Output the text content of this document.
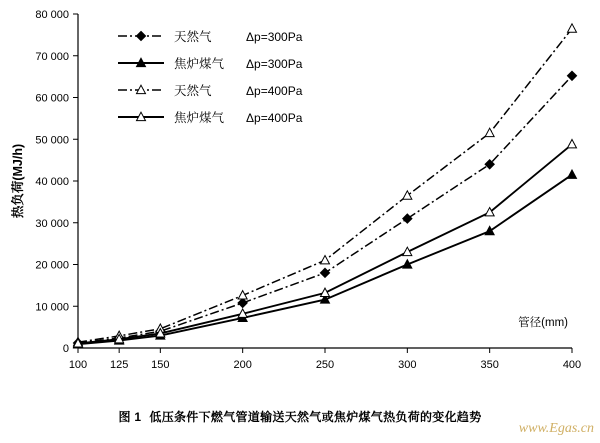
0
10 000
20 000
30 000
40 000
50 000
60 000
70 000
80 000
100 125 150	200	250	300	350	400
热负荷(MJ/h)
管径(mm)
天然气	Δp=300Pa
焦炉煤气 Δp=300Pa
天然气	Δp=400Pa
焦炉煤气 Δp=400Pa
图 1 低压条件下燃气管道输送天然气或焦炉煤气热负荷的变化趋势
www.Egas.cn
